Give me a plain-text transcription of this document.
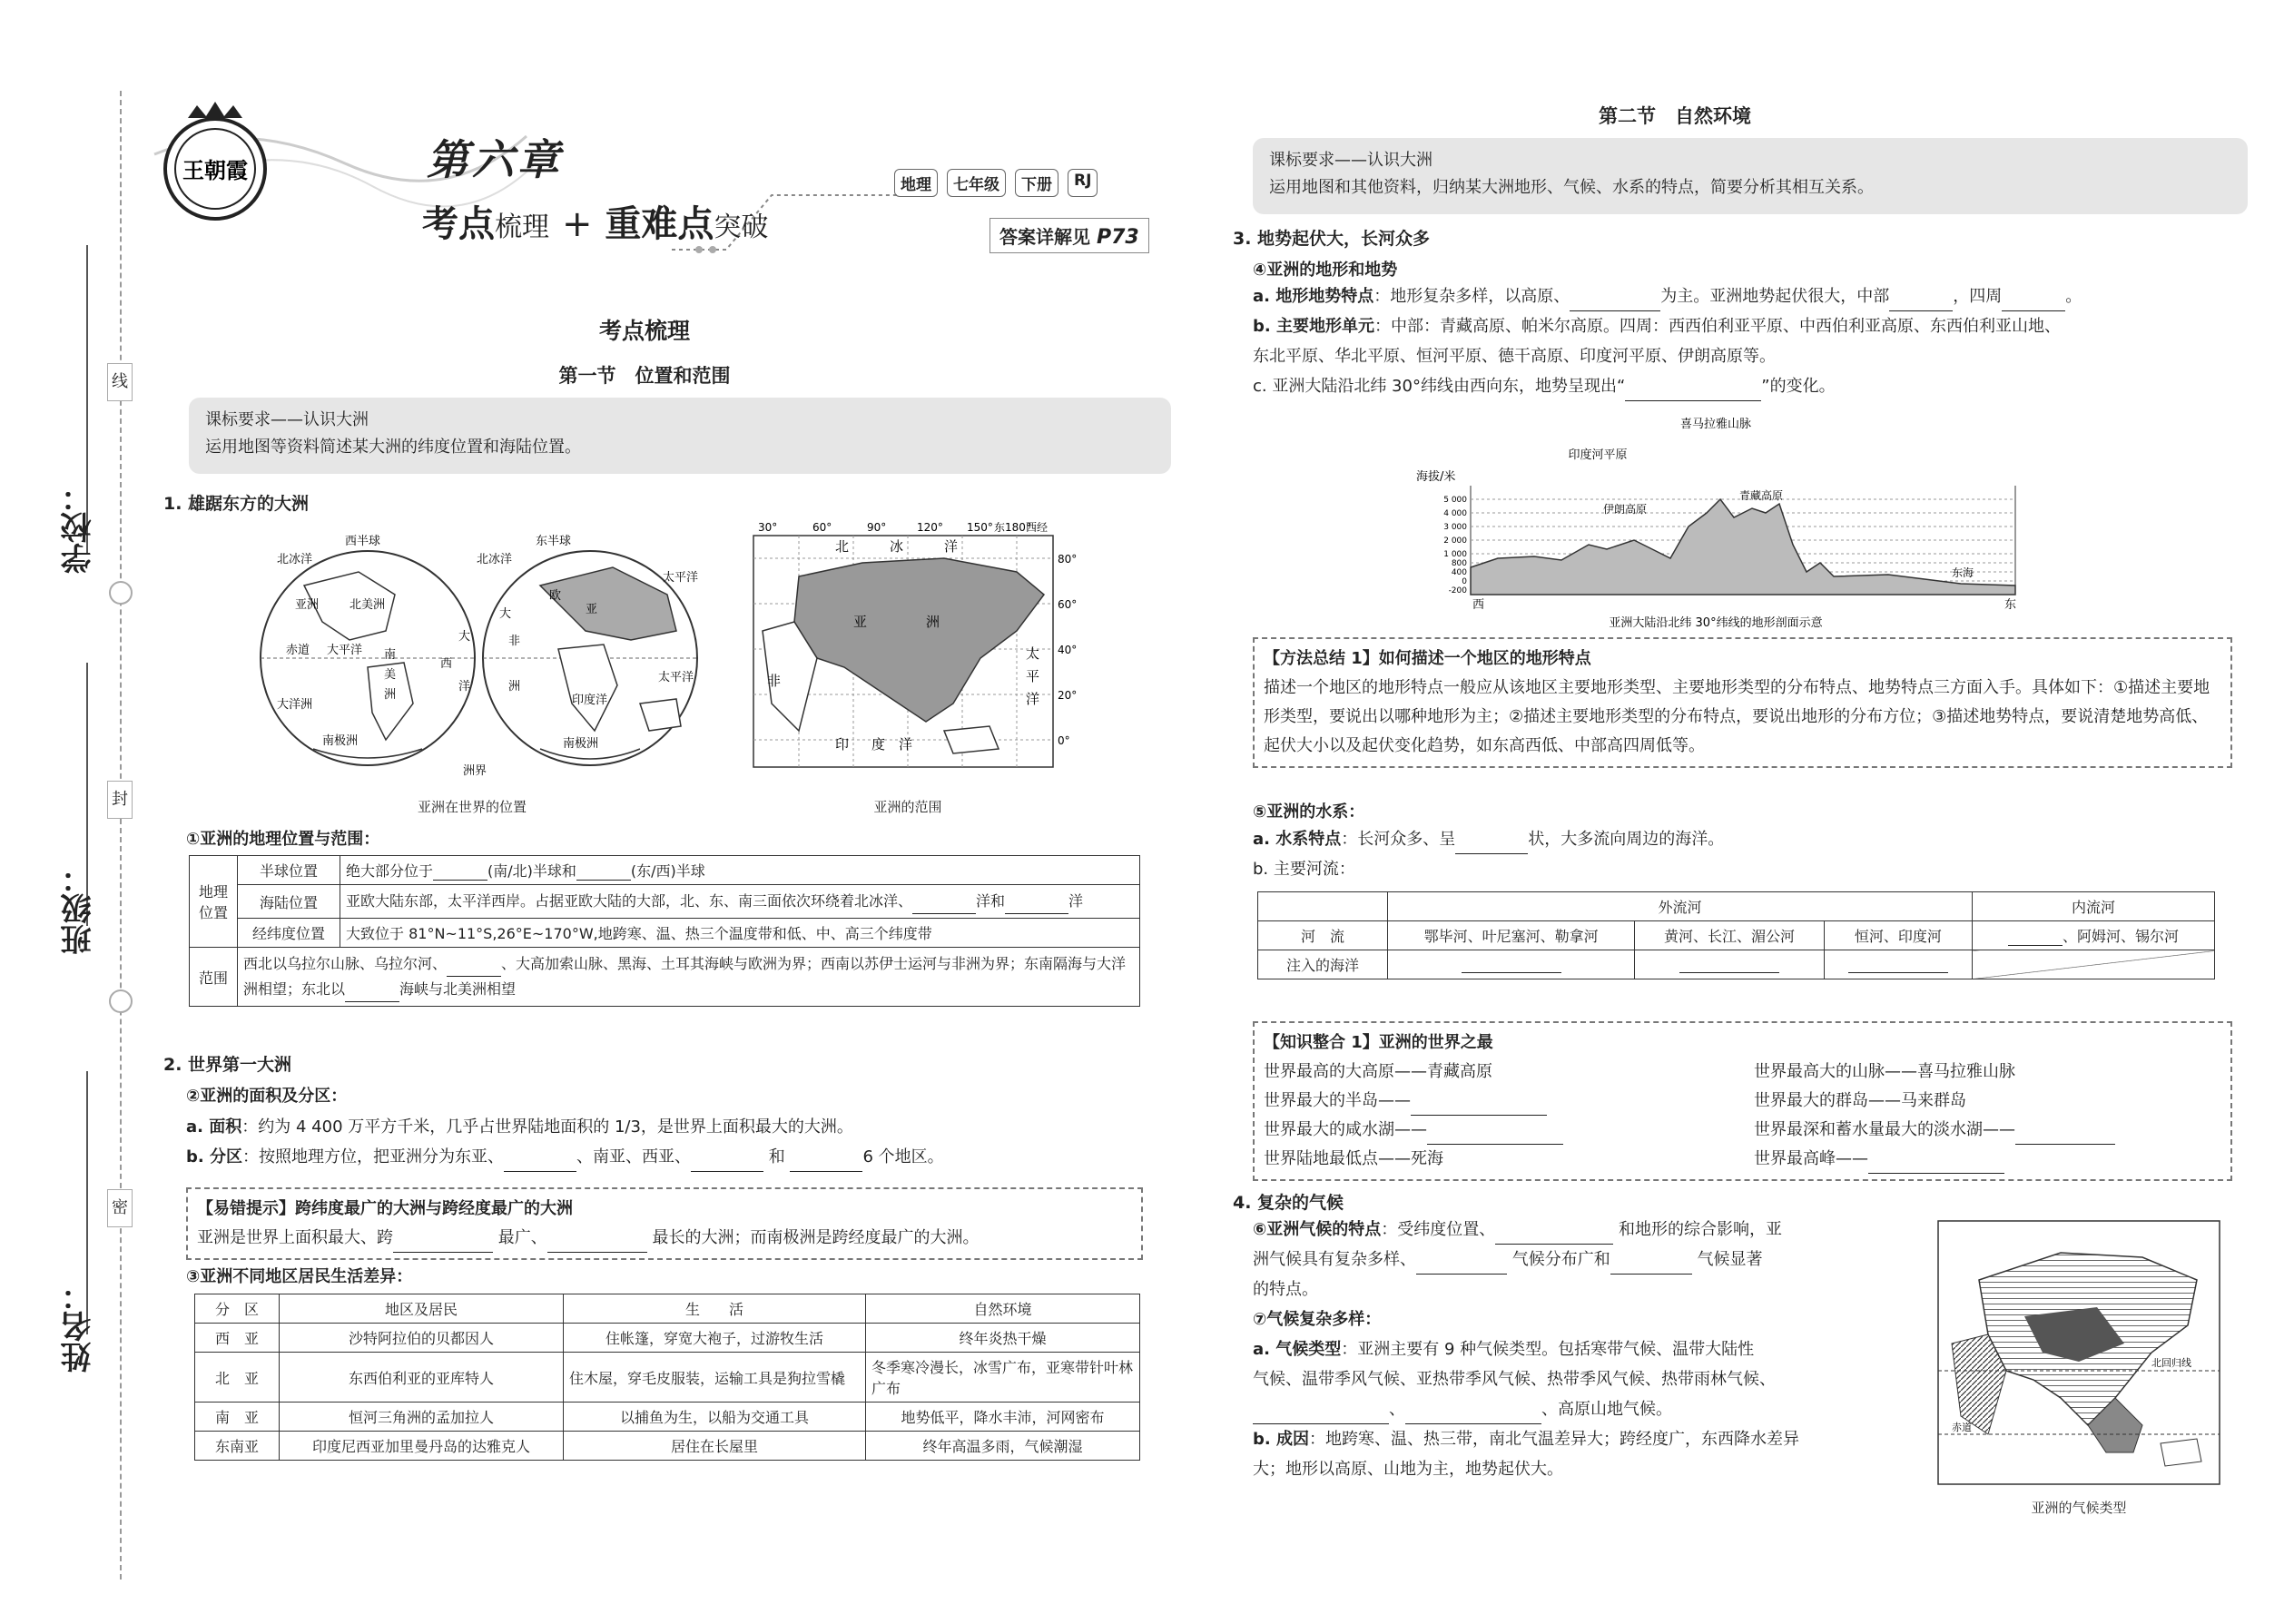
学校：
班级：
姓名：
线
封
密
王朝霞	第六章
考点梳理 + 重难点突破
地理	七年级	下册	RJ
答案详解见 P73
考点梳理
第一节　位置和范围
课标要求——认识大洲
运用地图等资料简述某大洲的纬度位置和海陆位置。
1. 雄踞东方的大洲
西半球	东半球
北冰洋	北冰洋
亚洲	北美洲
太平洋
赤道 大平洋
大
西
洋
南
美
洲
非
洲
印度洋
大洋洲
南极洲	南极洲
太平洋
大
欧
亚
洲界
亚洲在世界的位置
30°	60°	90°	120° 150° 东180°
西经
80°
60°
40°
20°
0°
北	冰	洋
亚	洲
太
平
洋
印 度 洋
非
亚洲的范围
①亚洲的地理位置与范围：
地理位置	半球位置	绝大部分位于 (南/北)半球和 (东/西)半球
	海陆位置	亚欧大陆东部，太平洋西岸。占据亚欧大陆的大部，北、东、南三面依次环绕着北冰洋、 洋和 洋
	经纬度位置	大致位于 81°N~11°S,26°E~170°W,地跨寒、温、热三个温度带和低、中、高三个纬度带
范围	西北以乌拉尔山脉、乌拉尔河、 、大高加索山脉、黑海、土耳其海峡与欧洲为界；西南以苏伊士运河与非洲为界；东南隔海与大洋洲相望；东北以 海峡与北美洲相望	
2. 世界第一大洲
②亚洲的面积及分区：
a. 面积：约为 4 400 万平方千米，几乎占世界陆地面积的 1/3，是世界上面积最大的大洲。
b. 分区：按照地理方位，把亚洲分为东亚、	、南亚、西亚、	和	6 个地区。
【易错提示】跨纬度最广的大洲与跨经度最广的大洲
亚洲是世界上面积最大、跨	最广、	最长的大洲；而南极洲是跨经度最广的大洲。
③亚洲不同地区居民生活差异：
分　区	地区及居民	生　　活	自然环境
西　亚	沙特阿拉伯的贝都因人	住帐篷，穿宽大袍子，过游牧生活	终年炎热干燥
北　亚	东西伯利亚的亚库特人	住木屋，穿毛皮服装，运输工具是狗拉雪橇	冬季寒冷漫长，冰雪广布，亚寒带针叶林广布
南　亚	恒河三角洲的孟加拉人	以捕鱼为生，以船为交通工具	地势低平，降水丰沛，河网密布
东南亚	印度尼西亚加里曼丹岛的达雅克人	居住在长屋里	终年高温多雨，气候潮湿
第二节　自然环境
课标要求——认识大洲
运用地图和其他资料，归纳某大洲地形、气候、水系的特点，简要分析其相互关系。
3. 地势起伏大，长河众多
④亚洲的地形和地势
a. 地形地势特点：地形复杂多样，以高原、	为主。亚洲地势起伏很大，中部	，四周	。
b. 主要地形单元：中部：青藏高原、帕米尔高原。四周：西西伯利亚平原、中西伯利亚高原、东西伯利亚山地、
东北平原、华北平原、恒河平原、德干高原、印度河平原、伊朗高原等。
c. 亚洲大陆沿北纬 30°纬线由西向东，地势呈现出“	”的变化。
喜马拉雅山脉
印度河平原
海拔/米
5 000
4 000
3 000
2 000
1 000
800
400
0
-200
伊朗高原
青藏高原
东海
西	东
亚洲大陆沿北纬 30°纬线的地形剖面示意
【方法总结 1】如何描述一个地区的地形特点
描述一个地区的地形特点一般应从该地区主要地形类型、主要地形类型的分布特点、地势特点三方面入手。具体如下：①描述主要地形类型，要说出以哪种地形为主；②描述主要地形类型的分布特点，要说出地形的分布方位；③描述地势特点，要说清楚地势高低、起伏大小以及起伏变化趋势，如东高西低、中部高四周低等。
⑤亚洲的水系：
a. 水系特点：长河众多、呈	状，大多流向周边的海洋。
b. 主要河流：
	外流河			内流河
河　流	鄂毕河、叶尼塞河、勒拿河	黄河、长江、湄公河	恒河、印度河	、阿姆河、锡尔河
注入的海洋				
【知识整合 1】亚洲的世界之最
世界最高的大高原——青藏高原	世界最高大的山脉——喜马拉雅山脉
世界最大的半岛——	世界最大的群岛——马来群岛
世界最大的咸水湖——	世界最深和蓄水量最大的淡水湖——
世界陆地最低点——死海	世界最高峰——
4. 复杂的气候
⑥亚洲气候的特点：受纬度位置、	和地形的综合影响，亚
洲气候具有复杂多样、	气候分布广和	气候显著
的特点。
⑦气候复杂多样：
a. 气候类型：亚洲主要有 9 种气候类型。包括寒带气候、温带大陆性
气候、温带季风气候、亚热带季风气候、热带季风气候、热带雨林气候、
、	、高原山地气候。
b. 成因：地跨寒、温、热三带，南北气温差异大；跨经度广，东西降水差异
大；地形以高原、山地为主，地势起伏大。
北回归线
赤道
亚洲的气候类型
